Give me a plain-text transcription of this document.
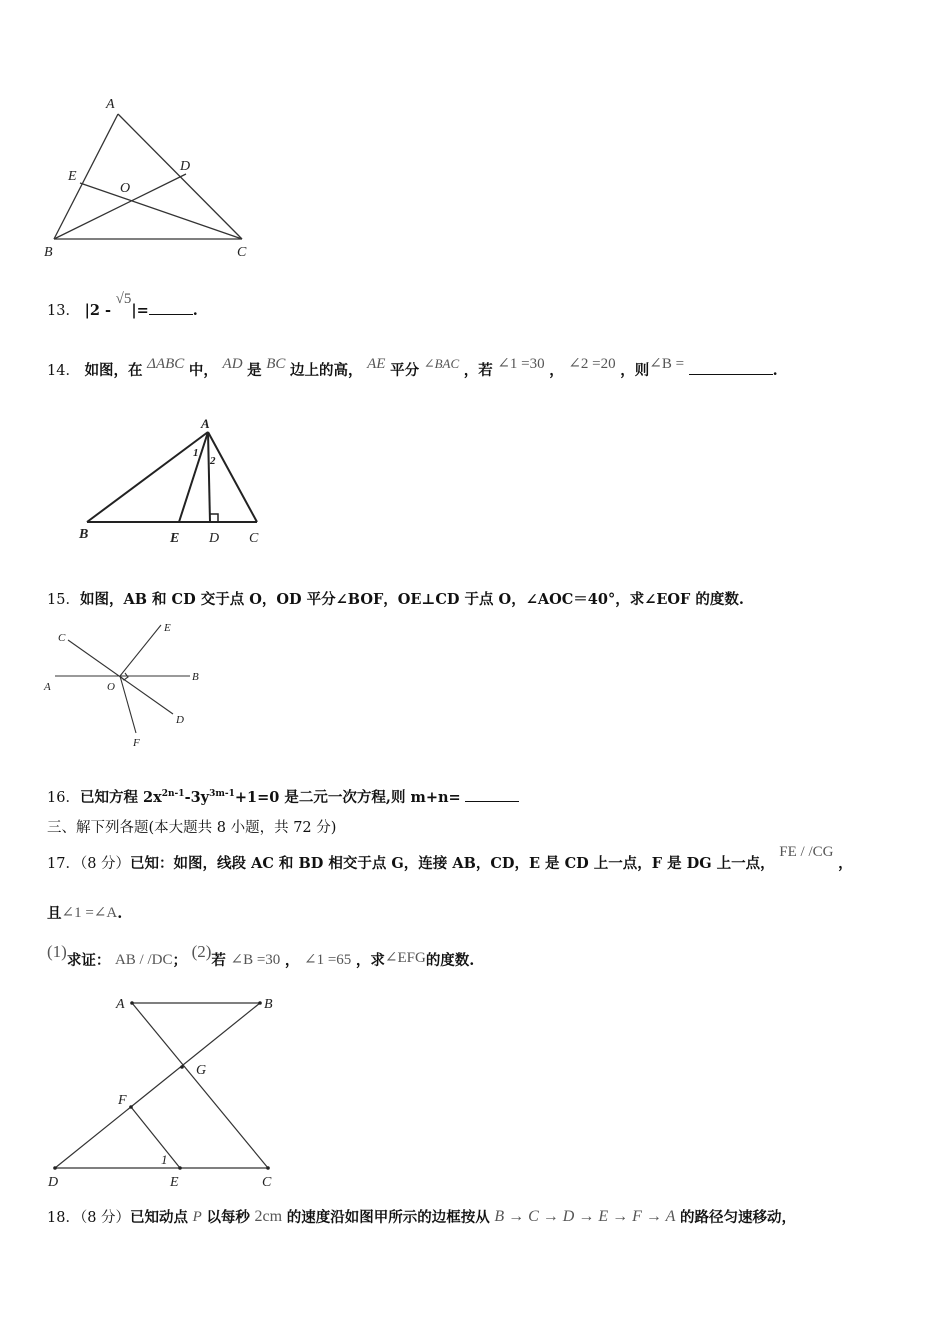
A
E
D
O
B	C
13． |2 - √5|=	.
14． 如图，在 ΔABC 中， AD 是 BC 边上的高， AE 平分 ∠BAC ，若 ∠1 =30 ， ∠2 =20 ，则∠B =	.
A
1
2
B	E D C
15．如图，AB 和 CD 交于点 O，OD 平分∠BOF，OE⊥CD 于点 O，∠AOC＝40°，求∠EOF 的度数.
C
E
A	O
B
D
F
16．已知方程 $2x^{2n-1}-3y^{3m-1}+1=0$ 是二元一次方程,则 m+n=
三、解下列各题(本大题共 8 小题，共 72 分)
17．（8 分）已知：如图，线段 AC 和 BD 相交于点 G，连接 AB，CD，E 是 CD 上一点，F 是 DG 上一点， FE / /CG ，
且∠1 =∠A.
(1)求证： AB / /DC； (2)若 ∠B =30 ， ∠1 =65 ，求∠EFG的度数.
A	B
G
F
1
D	E	C
18．（8 分）已知动点 P 以每秒 2cm 的速度沿如图甲所示的边框按从 B → C → D → E → F → A 的路径匀速移动，
